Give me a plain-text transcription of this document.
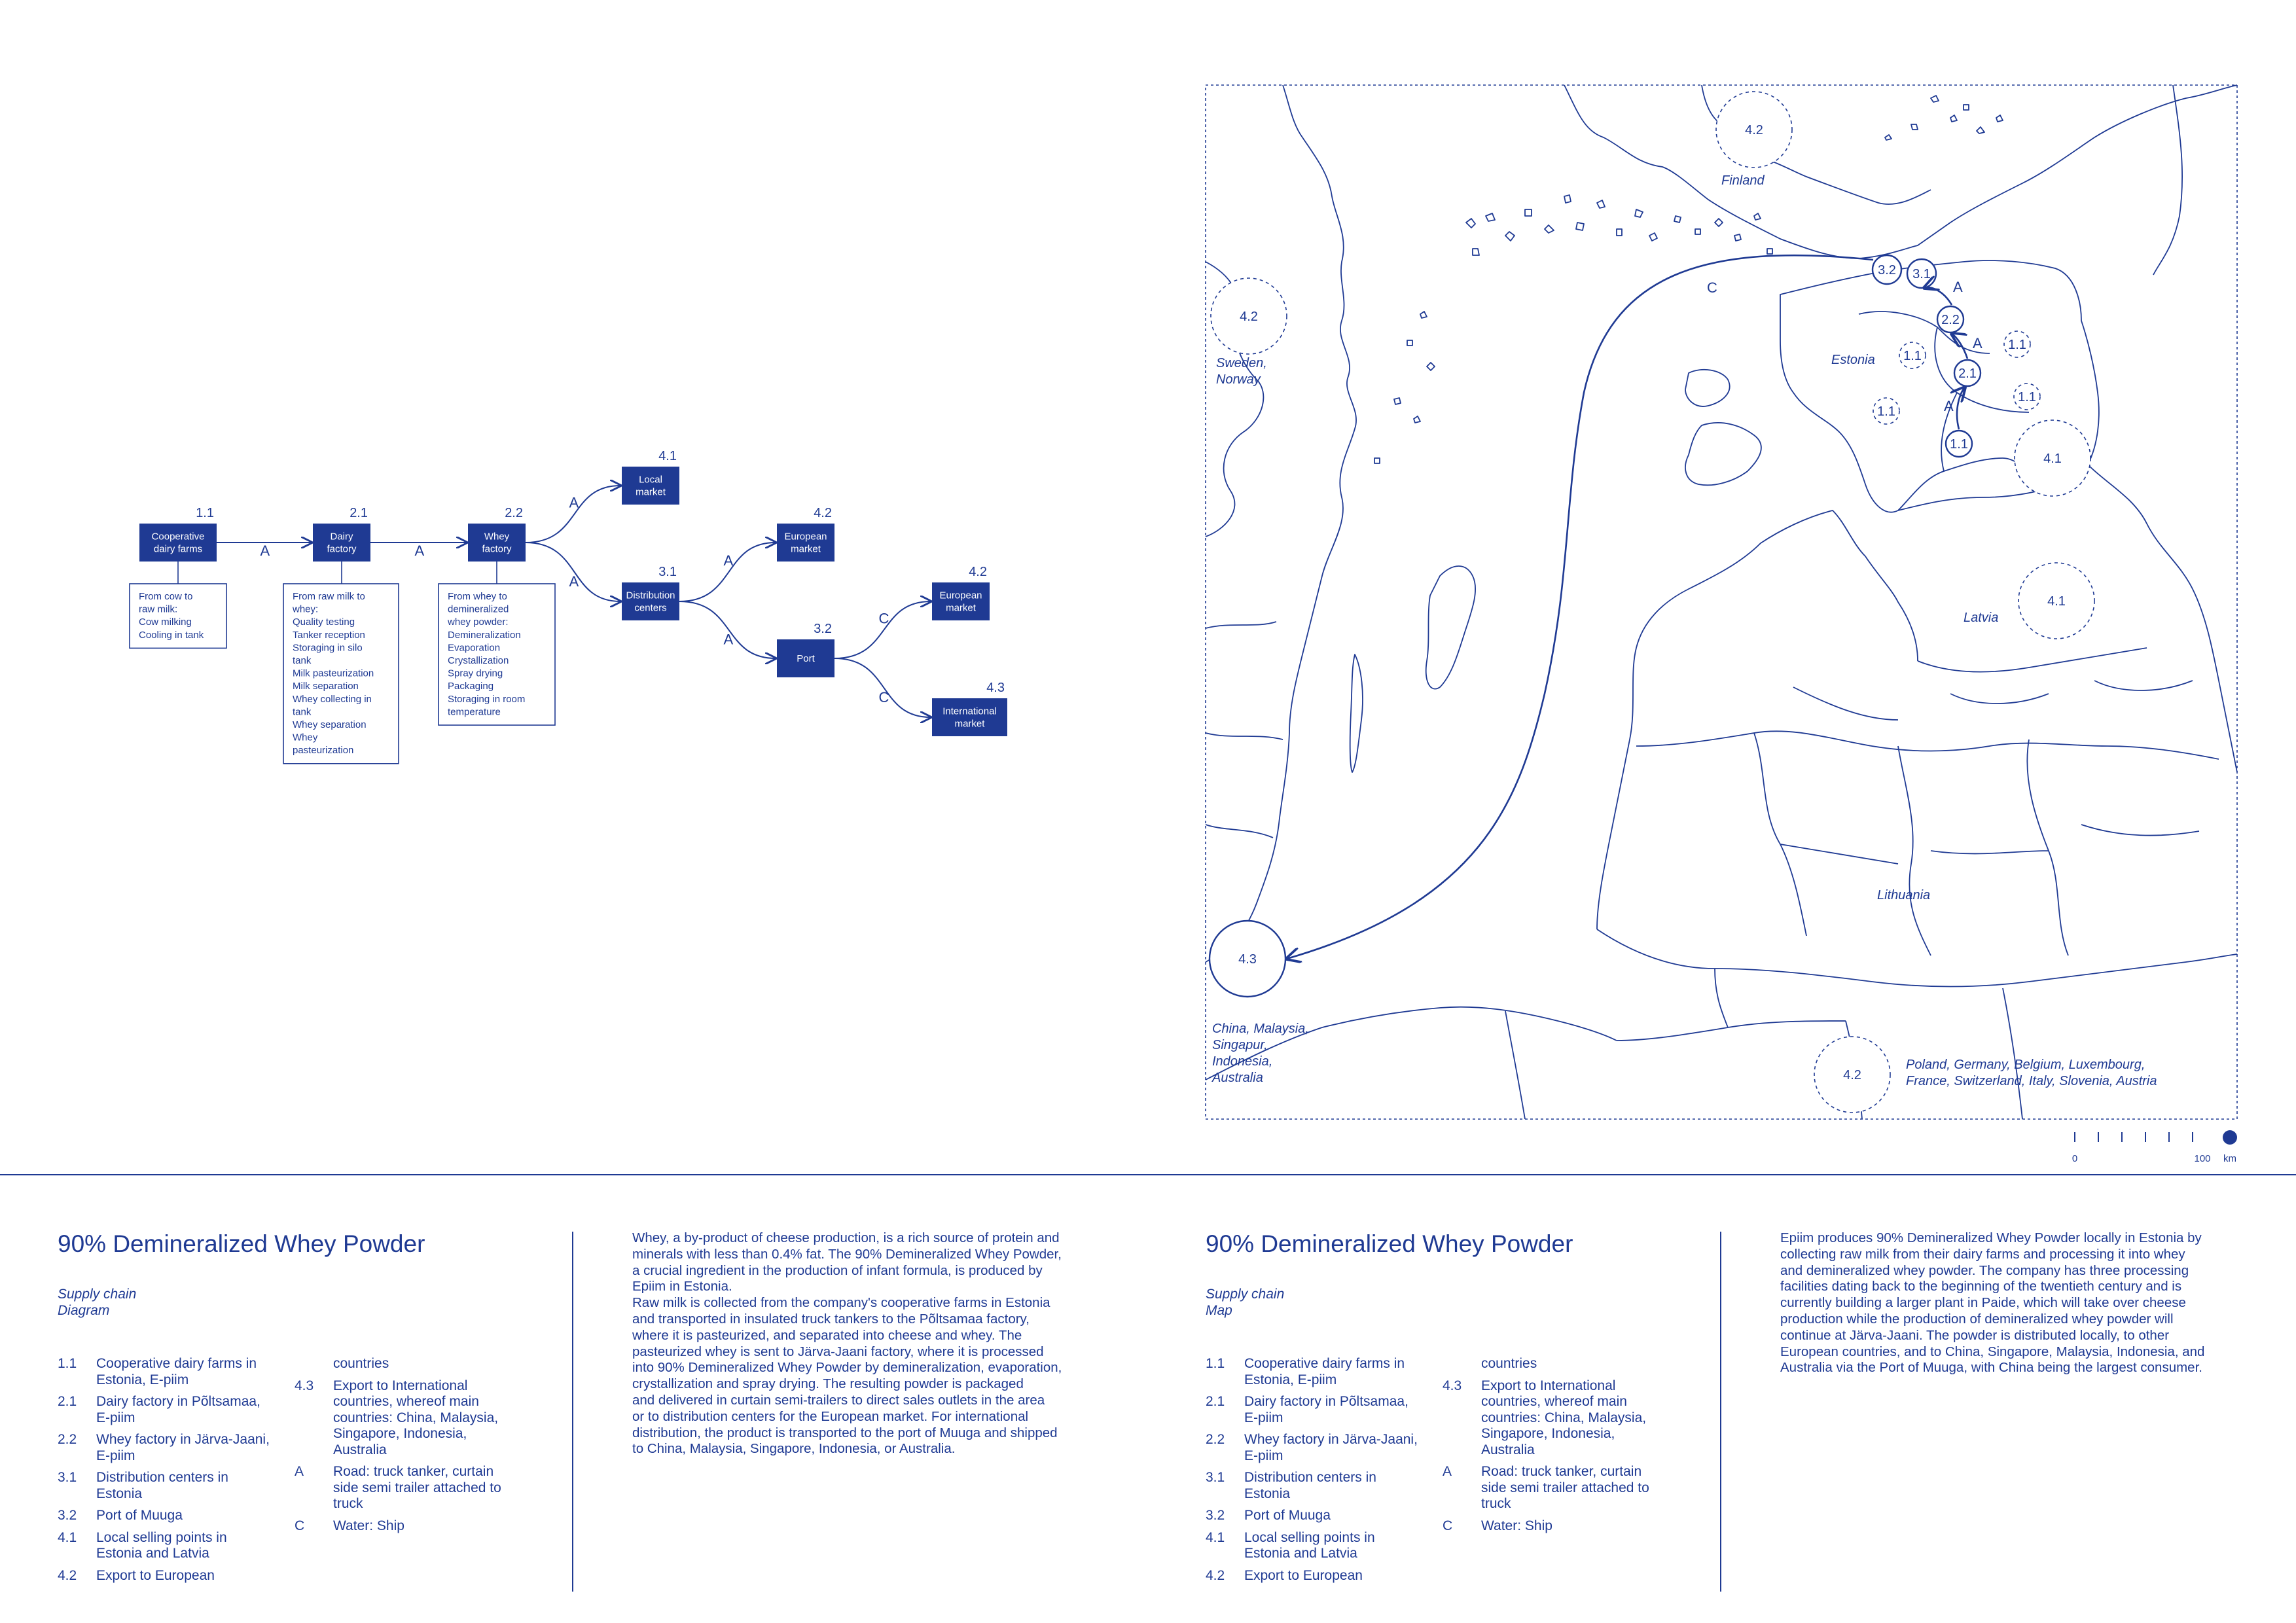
A	A
A
A
A
A
C
C
Cooperative
dairy farms
1.1
Dairy
factory
2.1
Whey
factory
2.2
Local
market
4.1
Distribution
centers
3.1
European
market
4.2
Port
3.2
European
market
4.2
International
market
4.3
From cow to
raw milk:
Cow milking
Cooling in tank
From raw milk to
whey:
Quality testing
Tanker reception
Storaging in silo
tank
Milk pasteurization
Milk separation
Whey collecting in
tank
Whey separation
Whey
pasteurization
From whey to
demineralized
whey powder:
Demineralization
Evaporation
Crystallization
Spray drying
Packaging
Storaging in room
temperature
4.2
4.2
3.2 3.1
2.2
2.1
1.1
1.1
1.1
1.1
1.1
4.1
4.1
4.3
4.2
C
A
A
A
Finland
Estonia
Latvia
Lithuania
Sweden,
Norway
China, Malaysia,
Singapur,
Indonesia,
Australia
Poland, Germany, Belgium, Luxembourg,
France, Switzerland, Italy, Slovenia, Austria
0	100 km
90% Demineralized Whey Powder
Supply chain
Diagram
1.1	Cooperative dairy farms in
Estonia, E-piim
2.1	Dairy factory in Põltsamaa,
E-piim
2.2	Whey factory in Järva-Jaani,
E-piim
3.1	Distribution centers in
Estonia
3.2	Port of Muuga
4.1	Local selling points in
Estonia and Latvia
4.2	Export to European
countries
4.3	Export to International
countries, whereof main
countries: China, Malaysia,
Singapore, Indonesia,
Australia
A	Road: truck tanker, curtain
side semi trailer attached to
truck
C	Water: Ship
Whey, a by-product of cheese production, is a rich source of protein and
minerals with less than 0.4% fat. The 90% Demineralized Whey Powder,
a crucial ingredient in the production of infant formula, is produced by
Epiim in Estonia.
Raw milk is collected from the company's cooperative farms in Estonia
and transported in insulated truck tankers to the Põltsamaa factory,
where it is pasteurized, and separated into cheese and whey. The
pasteurized whey is sent to Järva-Jaani factory, where it is processed
into 90% Demineralized Whey Powder by demineralization, evaporation,
crystallization and spray drying. The resulting powder is packaged
and delivered in curtain semi-trailers to direct sales outlets in the area
or to distribution centers for the European market. For international
distribution, the product is transported to the port of Muuga and shipped
to China, Malaysia, Singapore, Indonesia, or Australia.
90% Demineralized Whey Powder
Supply chain
Map
1.1	Cooperative dairy farms in
Estonia, E-piim
2.1	Dairy factory in Põltsamaa,
E-piim
2.2	Whey factory in Järva-Jaani,
E-piim
3.1	Distribution centers in
Estonia
3.2	Port of Muuga
4.1	Local selling points in
Estonia and Latvia
4.2	Export to European
countries
4.3	Export to International
countries, whereof main
countries: China, Malaysia,
Singapore, Indonesia,
Australia
A	Road: truck tanker, curtain
side semi trailer attached to
truck
C	Water: Ship
Epiim produces 90% Demineralized Whey Powder locally in Estonia by
collecting raw milk from their dairy farms and processing it into whey
and demineralized whey powder. The company has three processing
facilities dating back to the beginning of the twentieth century and is
currently building a larger plant in Paide, which will take over cheese
production while the production of demineralized whey powder will
continue at Järva-Jaani. The powder is distributed locally, to other
European countries, and to China, Singapore, Malaysia, Indonesia, and
Australia via the Port of Muuga, with China being the largest consumer.
